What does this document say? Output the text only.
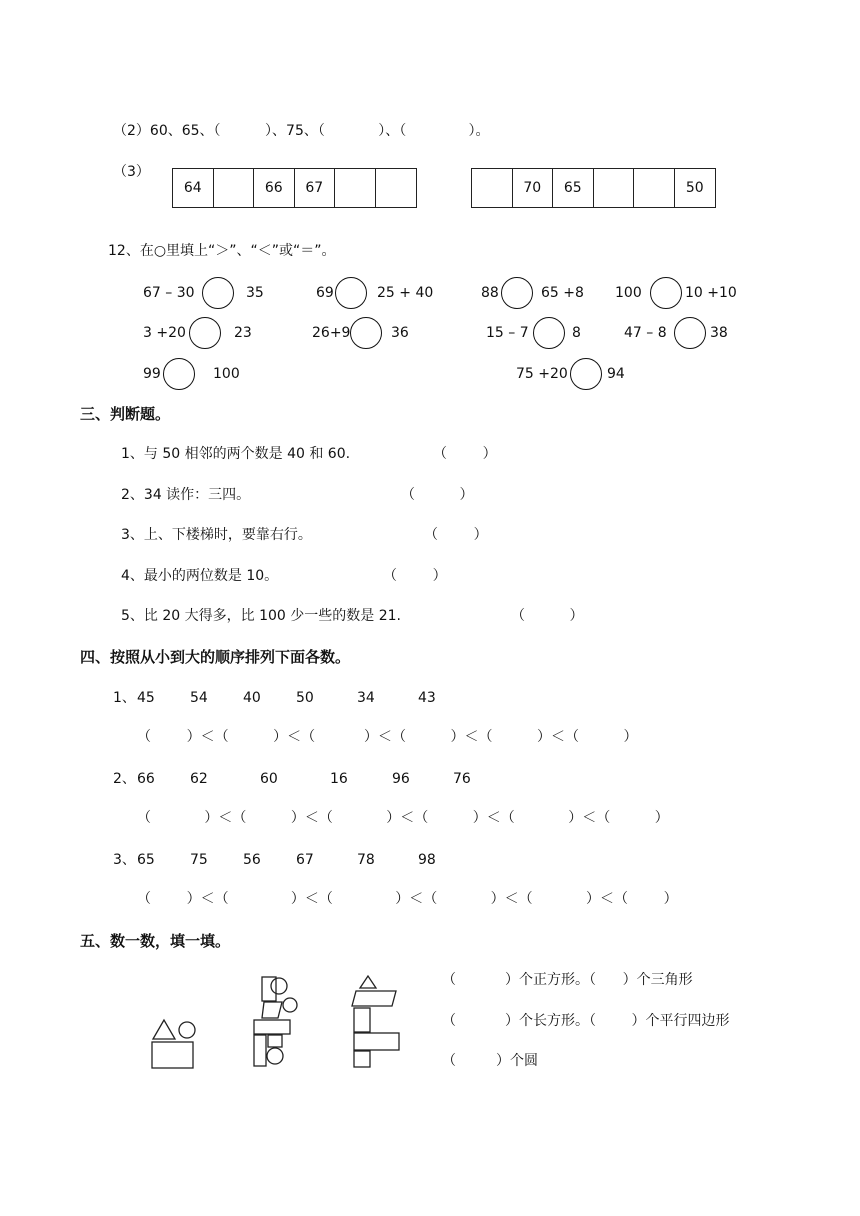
（2）60、65、（          ）、75、（            ）、（              ）。
（3）
64	66	67	70	65	50
12、在○里填上“＞”、“＜”或“＝”。
67 – 30	35	69	25 + 40	88	65 +8 100	10 +10
3 +20	23	26+9	36	15 – 7	8	47 – 8	38
99	100	75 +20	94
三、判断题。
1、与 50 相邻的两个数是 40 和 60.	（        ）
2、34 读作：三四。	（          ）
3、上、下楼梯时，要靠右行。	（        ）
4、最小的两位数是 10。	（        ）
5、比 20 大得多，比 100 少一些的数是 21.	（          ）
四、按照从小到大的顺序排列下面各数。
1、 45	54	40	50	34	43
（        ）＜（          ）＜（           ）＜（          ）＜（          ）＜（          ）
2、 66	62	60	16	96	76
（            ）＜（          ）＜（            ）＜（          ）＜（            ）＜（          ）
3、 65	75	56	67	78	98
（        ）＜（              ）＜（              ）＜（            ）＜（            ）＜（        ）
五、数一数，填一填。
（           ）个正方形。（      ）个三角形
（           ）个长方形。（        ）个平行四边形
（         ）个圆
